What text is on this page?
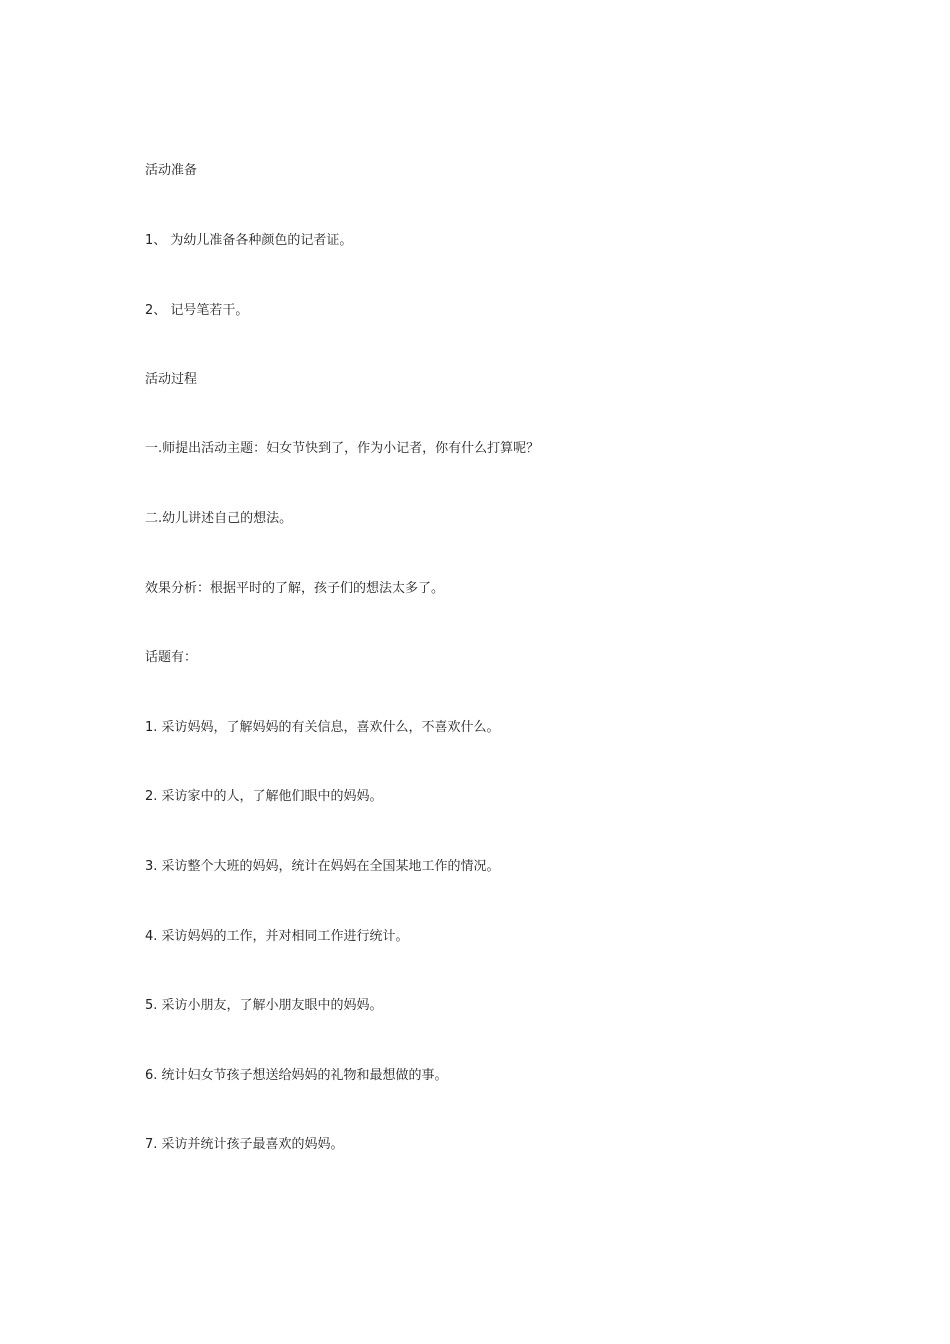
活动准备
1、 为幼儿准备各种颜色的记者证。
2、 记号笔若干。
活动过程
一.师提出活动主题：妇女节快到了，作为小记者，你有什么打算呢？
二.幼儿讲述自己的想法。
效果分析：根据平时的了解，孩子们的想法太多了。
话题有：
1. 采访妈妈，了解妈妈的有关信息，喜欢什么，不喜欢什么。
2. 采访家中的人，了解他们眼中的妈妈。
3. 采访整个大班的妈妈，统计在妈妈在全国某地工作的情况。
4. 采访妈妈的工作，并对相同工作进行统计。
5. 采访小朋友，了解小朋友眼中的妈妈。
6. 统计妇女节孩子想送给妈妈的礼物和最想做的事。
7. 采访并统计孩子最喜欢的妈妈。
